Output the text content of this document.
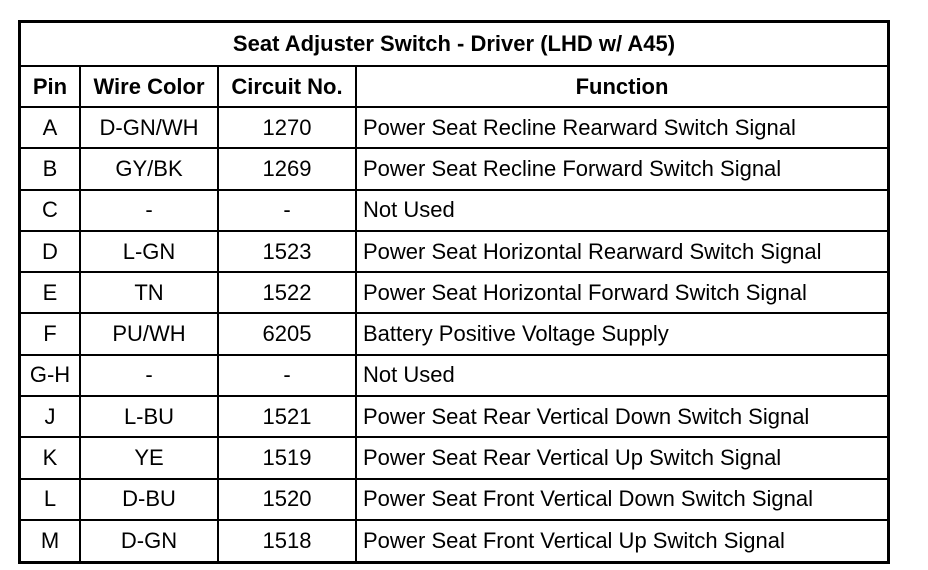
Seat Adjuster Switch - Driver (LHD w/ A45)			
Pin	Wire Color	Circuit No.	Function
A	D-GN/WH	1270	Power Seat Recline Rearward Switch Signal
B	GY/BK	1269	Power Seat Recline Forward Switch Signal
C	-	-	Not Used
D	L-GN	1523	Power Seat Horizontal Rearward Switch Signal
E	TN	1522	Power Seat Horizontal Forward Switch Signal
F	PU/WH	6205	Battery Positive Voltage Supply
G-H	-	-	Not Used
J	L-BU	1521	Power Seat Rear Vertical Down Switch Signal
K	YE	1519	Power Seat Rear Vertical Up Switch Signal
L	D-BU	1520	Power Seat Front Vertical Down Switch Signal
M	D-GN	1518	Power Seat Front Vertical Up Switch Signal
